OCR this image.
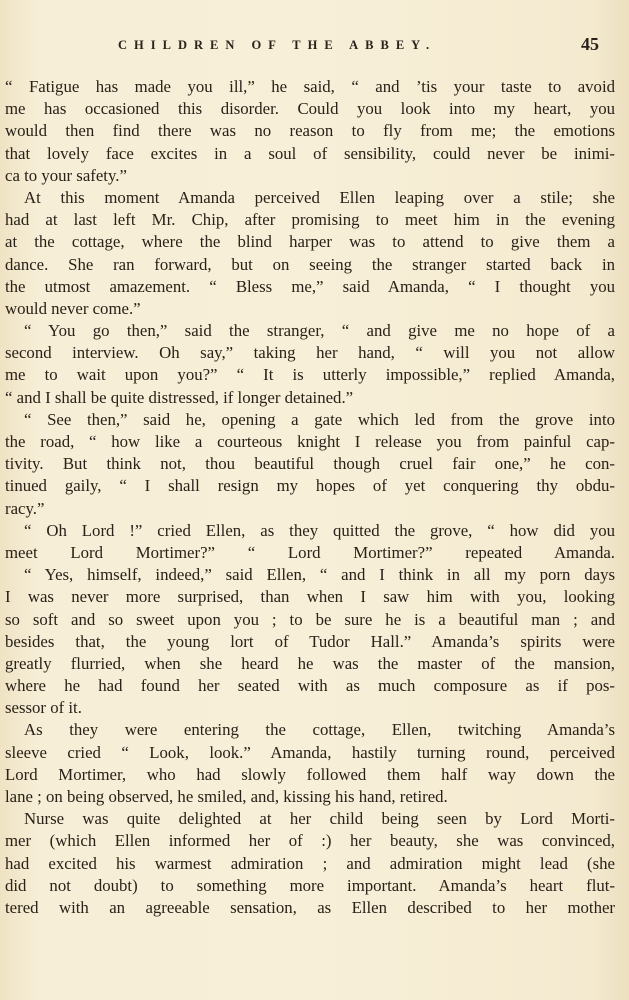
CHILDREN OF THE ABBEY.	45
“ Fatigue has made you ill,” he said, “ and ’tis your taste to avoid
me has occasioned this disorder. Could you look into my heart, you
would then find there was no reason to fly from me; the emotions
that lovely face excites in a soul of sensibility, could never be inimi-
ca to your safety.”
At this moment Amanda perceived Ellen leaping over a stile; she
had at last left Mr. Chip, after promising to meet him in the evening
at the cottage, where the blind harper was to attend to give them a
dance. She ran forward, but on seeing the stranger started back in
the utmost amazement. “ Bless me,” said Amanda, “ I thought you
would never come.”
“ You go then,” said the stranger, “ and give me no hope of a
second interview. Oh say,” taking her hand, “ will you not allow
me to wait upon you?” “ It is utterly impossible,” replied Amanda,
“ and I shall be quite distressed, if longer detained.”
“ See then,” said he, opening a gate which led from the grove into
the road, “ how like a courteous knight I release you from painful cap-
tivity. But think not, thou beautiful though cruel fair one,” he con-
tinued gaily, “ I shall resign my hopes of yet conquering thy obdu-
racy.”
“ Oh Lord !” cried Ellen, as they quitted the grove, “ how did you
meet Lord Mortimer?” “ Lord Mortimer?” repeated Amanda.
“ Yes, himself, indeed,” said Ellen, “ and I think in all my porn days
I was never more surprised, than when I saw him with you, looking
so soft and so sweet upon you ; to be sure he is a beautiful man ; and
besides that, the young lort of Tudor Hall.” Amanda’s spirits were
greatly flurried, when she heard he was the master of the mansion,
where he had found her seated with as much composure as if pos-
sessor of it.
As they were entering the cottage, Ellen, twitching Amanda’s
sleeve cried “ Look, look.” Amanda, hastily turning round, perceived
Lord Mortimer, who had slowly followed them half way down the
lane ; on being observed, he smiled, and, kissing his hand, retired.
Nurse was quite delighted at her child being seen by Lord Morti-
mer (which Ellen informed her of :) her beauty, she was convinced,
had excited his warmest admiration ; and admiration might lead (she
did not doubt) to something more important. Amanda’s heart flut-
tered with an agreeable sensation, as Ellen described to her mother
